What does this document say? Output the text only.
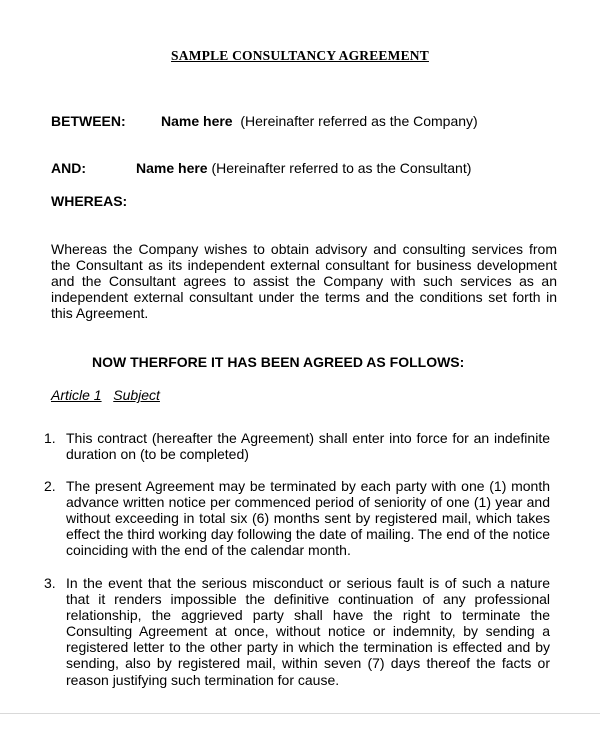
SAMPLE CONSULTANCY AGREEMENT
BETWEEN:	Name here (Hereinafter referred as the Company)
AND:	Name here (Hereinafter referred to as the Consultant)
WHEREAS:
Whereas the Company wishes to obtain advisory and consulting services from the Consultant as its independent external consultant for business development and the Consultant agrees to assist the Company with such services as an independent external consultant under the terms and the conditions set forth in this Agreement.
NOW THERFORE IT HAS BEEN AGREED AS FOLLOWS:
Article 1 Subject
1. This contract (hereafter the Agreement) shall enter into force for an indefinite duration on (to be completed)
2. The present Agreement may be terminated by each party with one (1) month advance written notice per commenced period of seniority of one (1) year and without exceeding in total six (6) months sent by registered mail, which takes effect the third working day following the date of mailing. The end of the notice coinciding with the end of the calendar month.
3. In the event that the serious misconduct or serious fault is of such a nature that it renders impossible the definitive continuation of any professional relationship, the aggrieved party shall have the right to terminate the Consulting Agreement at once, without notice or indemnity, by sending a registered letter to the other party in which the termination is effected and by sending, also by registered mail, within seven (7) days thereof the facts or reason justifying such termination for cause.
